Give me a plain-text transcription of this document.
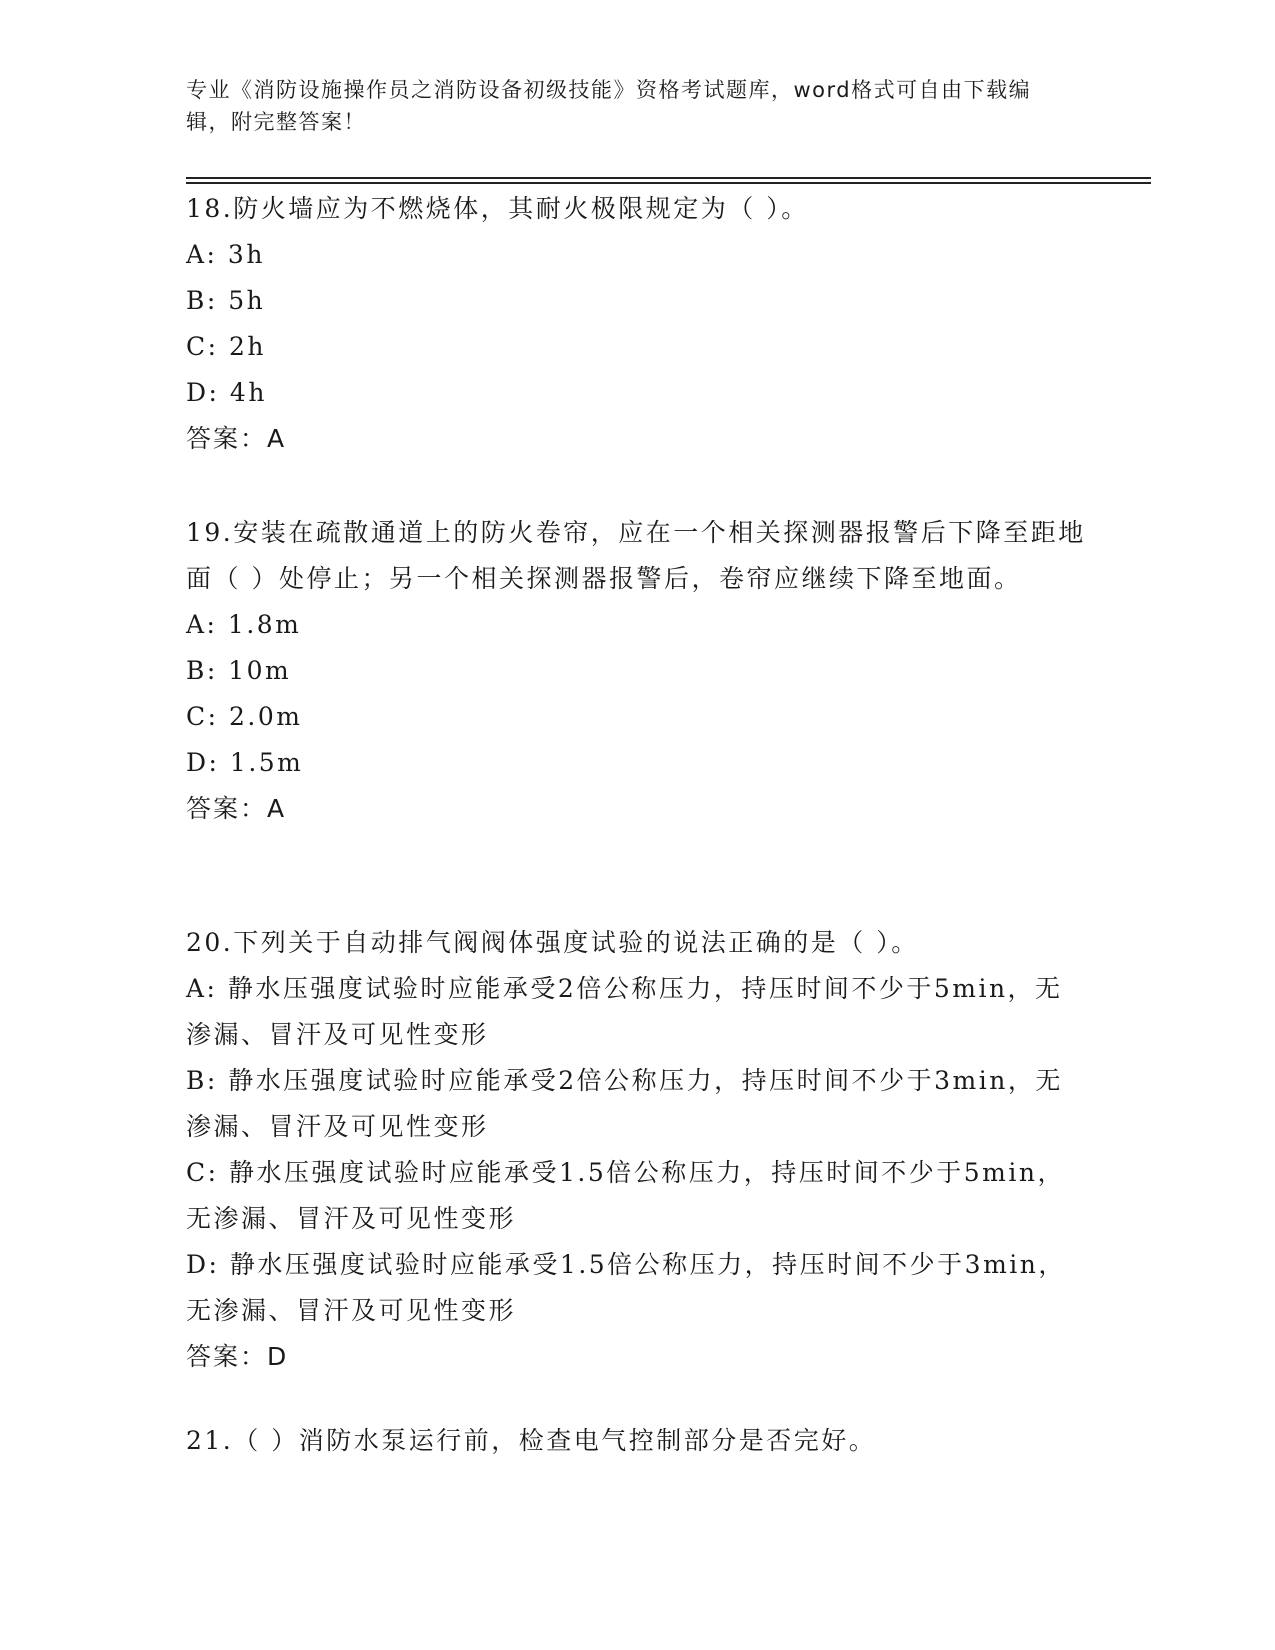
专业《消防设施操作员之消防设备初级技能》资格考试题库，word格式可自由下载编辑，附完整答案！
18.防火墙应为不燃烧体，其耐火极限规定为（ ）。
A: 3h
B: 5h
C: 2h
D: 4h
答案：A
19.安装在疏散通道上的防火卷帘，应在一个相关探测器报警后下降至距地面（ ）处停止；另一个相关探测器报警后，卷帘应继续下降至地面。
A: 1.8m
B: 10m
C: 2.0m
D: 1.5m
答案：A
20.下列关于自动排气阀阀体强度试验的说法正确的是（ ）。
A: 静水压强度试验时应能承受2倍公称压力，持压时间不少于5min，无渗漏、冒汗及可见性变形
B: 静水压强度试验时应能承受2倍公称压力，持压时间不少于3min，无渗漏、冒汗及可见性变形
C: 静水压强度试验时应能承受1.5倍公称压力，持压时间不少于5min，无渗漏、冒汗及可见性变形
D: 静水压强度试验时应能承受1.5倍公称压力，持压时间不少于3min，无渗漏、冒汗及可见性变形
答案：D
21.（ ）消防水泵运行前，检查电气控制部分是否完好。
